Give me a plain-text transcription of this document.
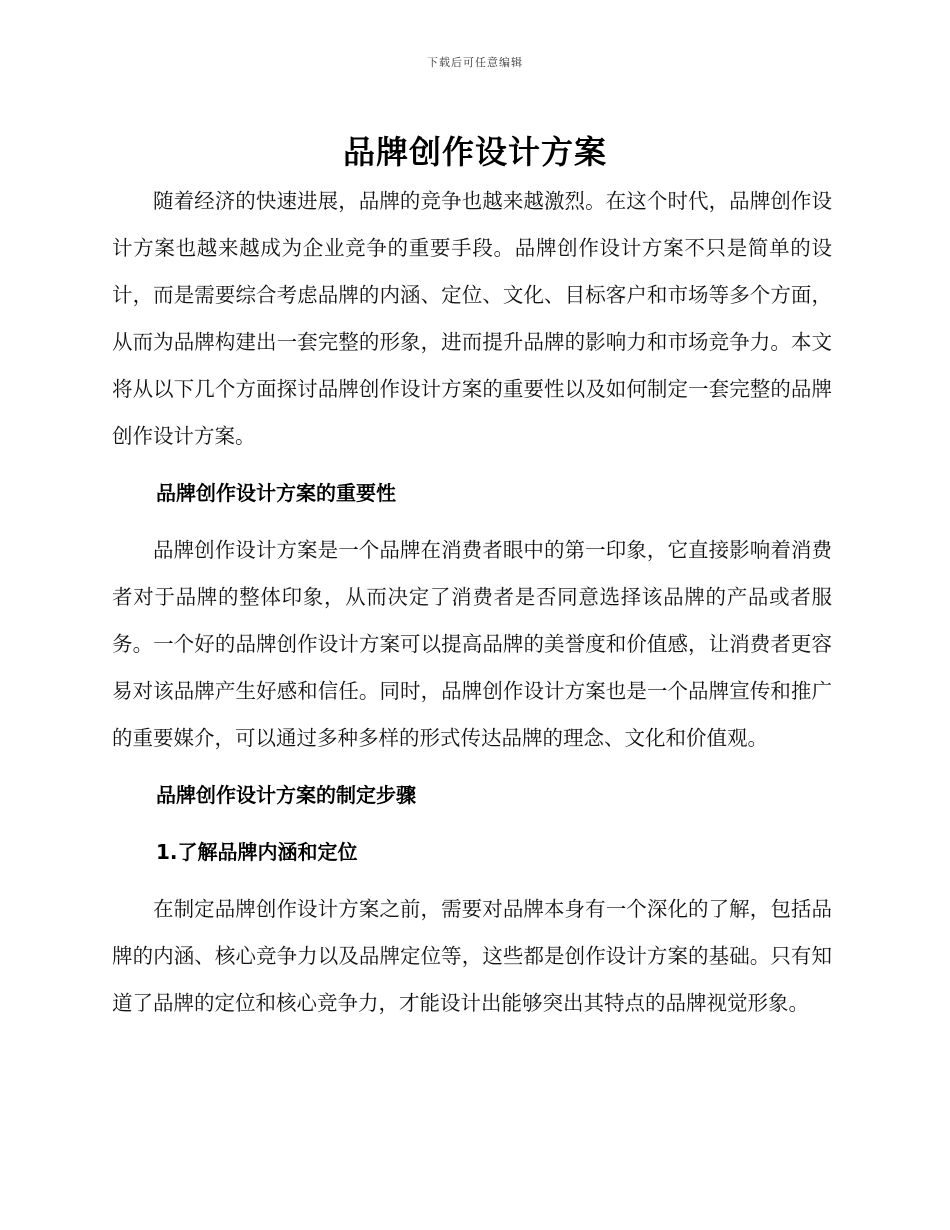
下载后可任意编辑
品牌创作设计方案

随着经济的快速进展，品牌的竞争也越来越激烈。在这个时代，品牌创作设计方案也越来越成为企业竞争的重要手段。品牌创作设计方案不只是简单的设计，而是需要综合考虑品牌的内涵、定位、文化、目标客户和市场等多个方面，从而为品牌构建出一套完整的形象，进而提升品牌的影响力和市场竞争力。本文将从以下几个方面探讨品牌创作设计方案的重要性以及如何制定一套完整的品牌创作设计方案。

品牌创作设计方案的重要性

品牌创作设计方案是一个品牌在消费者眼中的第一印象，它直接影响着消费者对于品牌的整体印象，从而决定了消费者是否同意选择该品牌的产品或者服务。一个好的品牌创作设计方案可以提高品牌的美誉度和价值感，让消费者更容易对该品牌产生好感和信任。同时，品牌创作设计方案也是一个品牌宣传和推广的重要媒介，可以通过多种多样的形式传达品牌的理念、文化和价值观。

品牌创作设计方案的制定步骤
1.了解品牌内涵和定位

在制定品牌创作设计方案之前，需要对品牌本身有一个深化的了解，包括品牌的内涵、核心竞争力以及品牌定位等，这些都是创作设计方案的基础。只有知道了品牌的定位和核心竞争力，才能设计出能够突出其特点的品牌视觉形象。
